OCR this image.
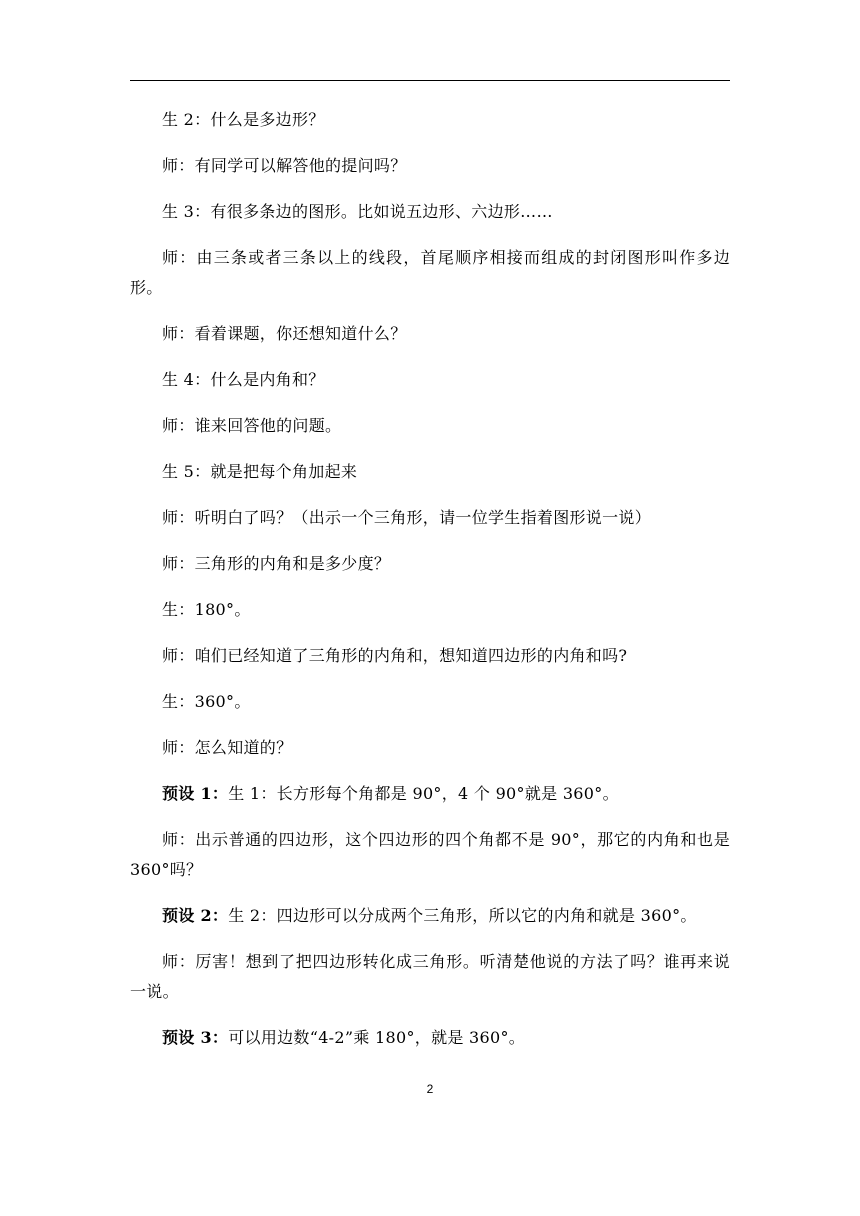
生 2：什么是多边形？

师：有同学可以解答他的提问吗？

生 3：有很多条边的图形。比如说五边形、六边形……

师：由三条或者三条以上的线段，首尾顺序相接而组成的封闭图形叫作多边形。

师：看着课题，你还想知道什么？

生 4：什么是内角和？

师：谁来回答他的问题。

生 5：就是把每个角加起来

师：听明白了吗？（出示一个三角形，请一位学生指着图形说一说）

师：三角形的内角和是多少度？

生：180°。

师：咱们已经知道了三角形的内角和，想知道四边形的内角和吗?

生：360°。

师：怎么知道的？

预设 1：生 1：长方形每个角都是 90°，4 个 90°就是 360°。

师：出示普通的四边形，这个四边形的四个角都不是 90°，那它的内角和也是 360°吗？

预设 2：生 2：四边形可以分成两个三角形，所以它的内角和就是 360°。

师：厉害！想到了把四边形转化成三角形。听清楚他说的方法了吗？谁再来说一说。

预设 3：可以用边数“4-2”乘 180°，就是 360°。

2
